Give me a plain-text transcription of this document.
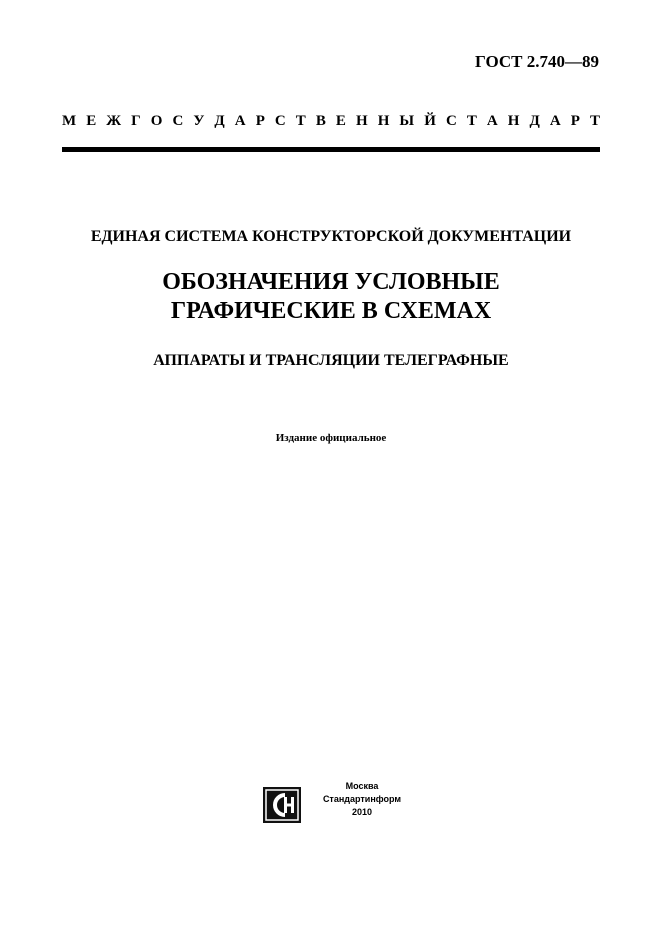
ГОСТ 2.740—89

М Е Ж Г О С У Д А Р С Т В Е Н Н Ы Й С Т А Н Д А Р Т

ЕДИНАЯ СИСТЕМА КОНСТРУКТОРСКОЙ ДОКУМЕНТАЦИИ

ОБОЗНАЧЕНИЯ УСЛОВНЫЕ
ГРАФИЧЕСКИЕ В СХЕМАХ

АППАРАТЫ И ТРАНСЛЯЦИИ ТЕЛЕГРАФНЫЕ

Издание официальное

Москва
Стандартинформ
2010
